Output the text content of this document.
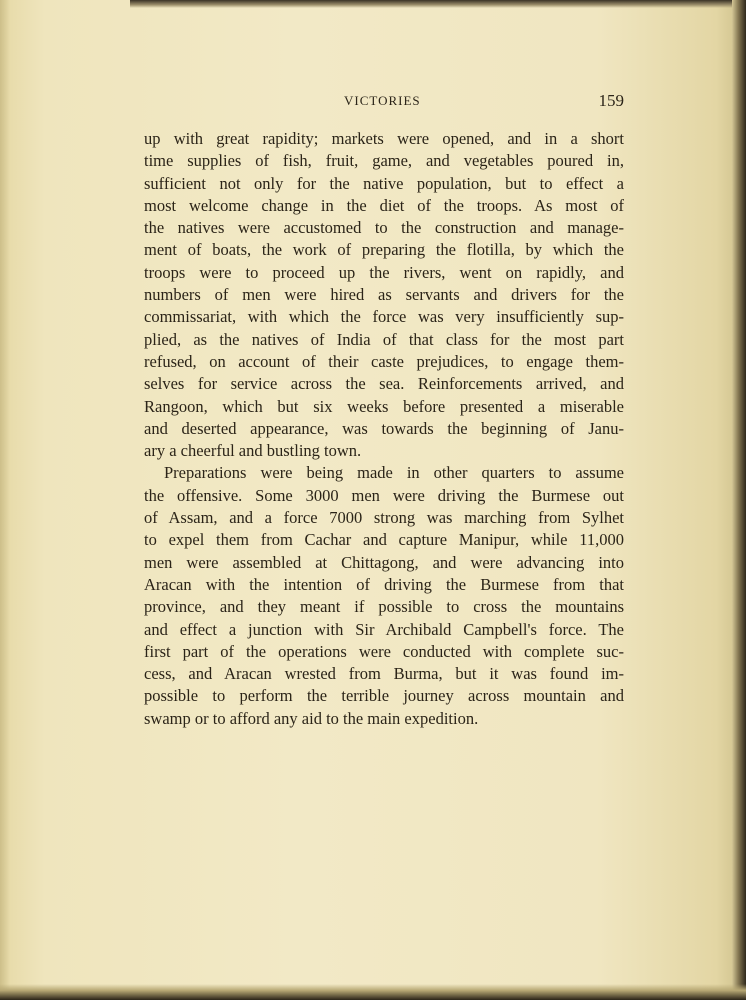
VICTORIES	159
up with great rapidity; markets were opened, and in a short
time supplies of fish, fruit, game, and vegetables poured in,
sufficient not only for the native population, but to effect a
most welcome change in the diet of the troops. As most of
the natives were accustomed to the construction and manage-
ment of boats, the work of preparing the flotilla, by which the
troops were to proceed up the rivers, went on rapidly, and
numbers of men were hired as servants and drivers for the
commissariat, with which the force was very insufficiently sup-
plied, as the natives of India of that class for the most part
refused, on account of their caste prejudices, to engage them-
selves for service across the sea. Reinforcements arrived, and
Rangoon, which but six weeks before presented a miserable
and deserted appearance, was towards the beginning of Janu-
ary a cheerful and bustling town.
Preparations were being made in other quarters to assume
the offensive. Some 3000 men were driving the Burmese out
of Assam, and a force 7000 strong was marching from Sylhet
to expel them from Cachar and capture Manipur, while 11,000
men were assembled at Chittagong, and were advancing into
Aracan with the intention of driving the Burmese from that
province, and they meant if possible to cross the mountains
and effect a junction with Sir Archibald Campbell's force. The
first part of the operations were conducted with complete suc-
cess, and Aracan wrested from Burma, but it was found im-
possible to perform the terrible journey across mountain and
swamp or to afford any aid to the main expedition.
